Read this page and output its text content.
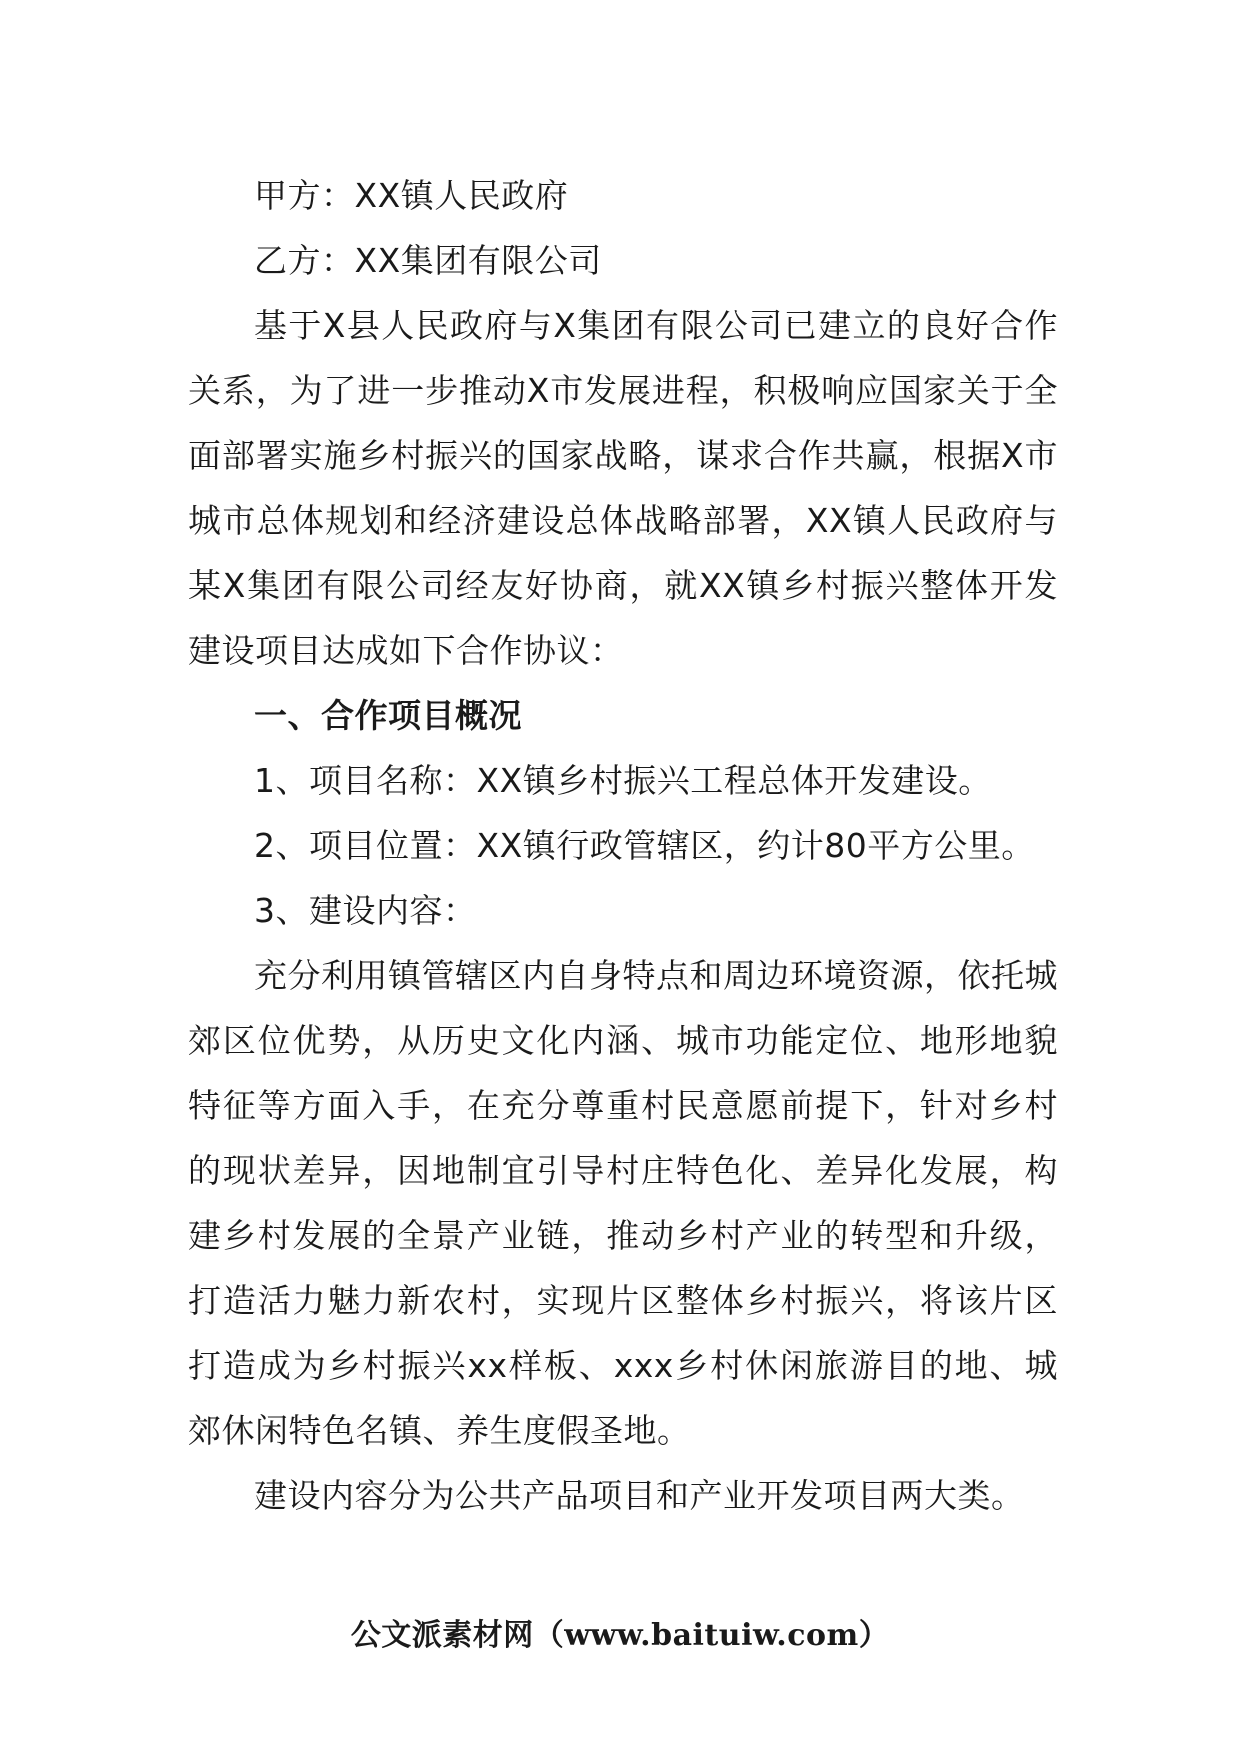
甲方：XX镇人民政府

乙方：XX集团有限公司

基于X县人民政府与X集团有限公司已建立的良好合作关系，为了进一步推动X市发展进程，积极响应国家关于全面部署实施乡村振兴的国家战略，谋求合作共赢，根据X市城市总体规划和经济建设总体战略部署，XX镇人民政府与某X集团有限公司经友好协商，就XX镇乡村振兴整体开发建设项目达成如下合作协议：

一、合作项目概况

1、项目名称：XX镇乡村振兴工程总体开发建设。

2、项目位置：XX镇行政管辖区，约计80平方公里。

3、建设内容：

充分利用镇管辖区内自身特点和周边环境资源，依托城郊区位优势，从历史文化内涵、城市功能定位、地形地貌特征等方面入手，在充分尊重村民意愿前提下，针对乡村的现状差异，因地制宜引导村庄特色化、差异化发展，构建乡村发展的全景产业链，推动乡村产业的转型和升级，打造活力魅力新农村，实现片区整体乡村振兴，将该片区打造成为乡村振兴xx样板、xxx乡村休闲旅游目的地、城郊休闲特色名镇、养生度假圣地。

建设内容分为公共产品项目和产业开发项目两大类。

公文派素材网（www.baituiw.com）
